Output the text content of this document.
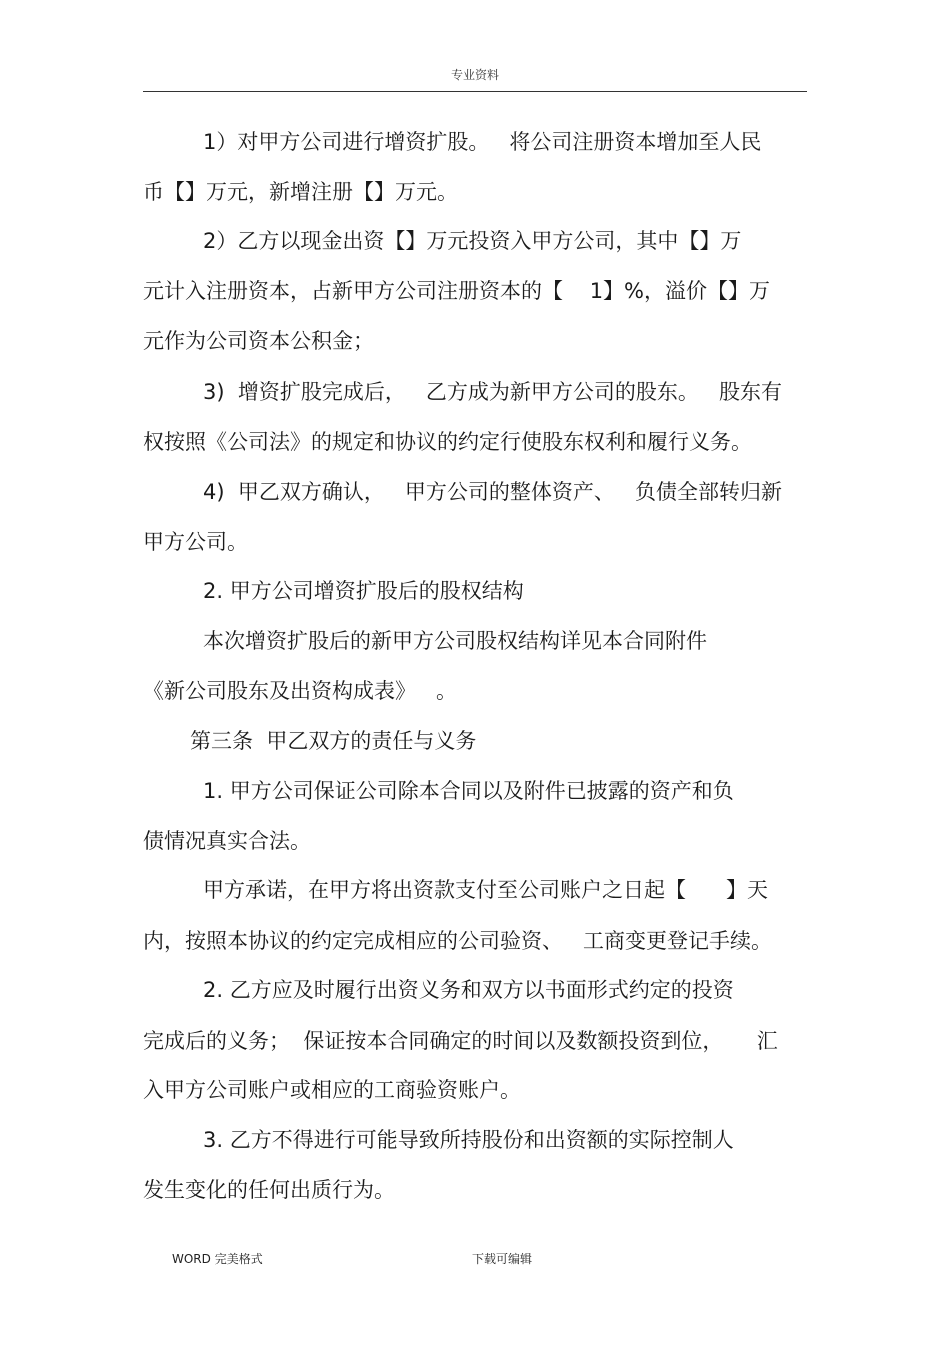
专业资料
1）对甲方公司进行增资扩股。   将公司注册资本增加至人民
币【】万元，新增注册【】万元。
2）乙方以现金出资【】万元投资入甲方公司，其中【】万
元计入注册资本，占新甲方公司注册资本的【    1】%，溢价【】万
元作为公司资本公积金；
3)  增资扩股完成后，   乙方成为新甲方公司的股东。   股东有
权按照《公司法》的规定和协议的约定行使股东权利和履行义务。
4)  甲乙双方确认，   甲方公司的整体资产、   负债全部转归新
甲方公司。
2. 甲方公司增资扩股后的股权结构
本次增资扩股后的新甲方公司股权结构详见本合同附件
《新公司股东及出资构成表》   。
第三条  甲乙双方的责任与义务
1. 甲方公司保证公司除本合同以及附件已披露的资产和负
债情况真实合法。
甲方承诺，在甲方将出资款支付至公司账户之日起【      】天
内，按照本协议的约定完成相应的公司验资、   工商变更登记手续。
2. 乙方应及时履行出资义务和双方以书面形式约定的投资
完成后的义务；  保证按本合同确定的时间以及数额投资到位，     汇
入甲方公司账户或相应的工商验资账户。
3. 乙方不得进行可能导致所持股份和出资额的实际控制人
发生变化的任何出质行为。
WORD 完美格式	下载可编辑
